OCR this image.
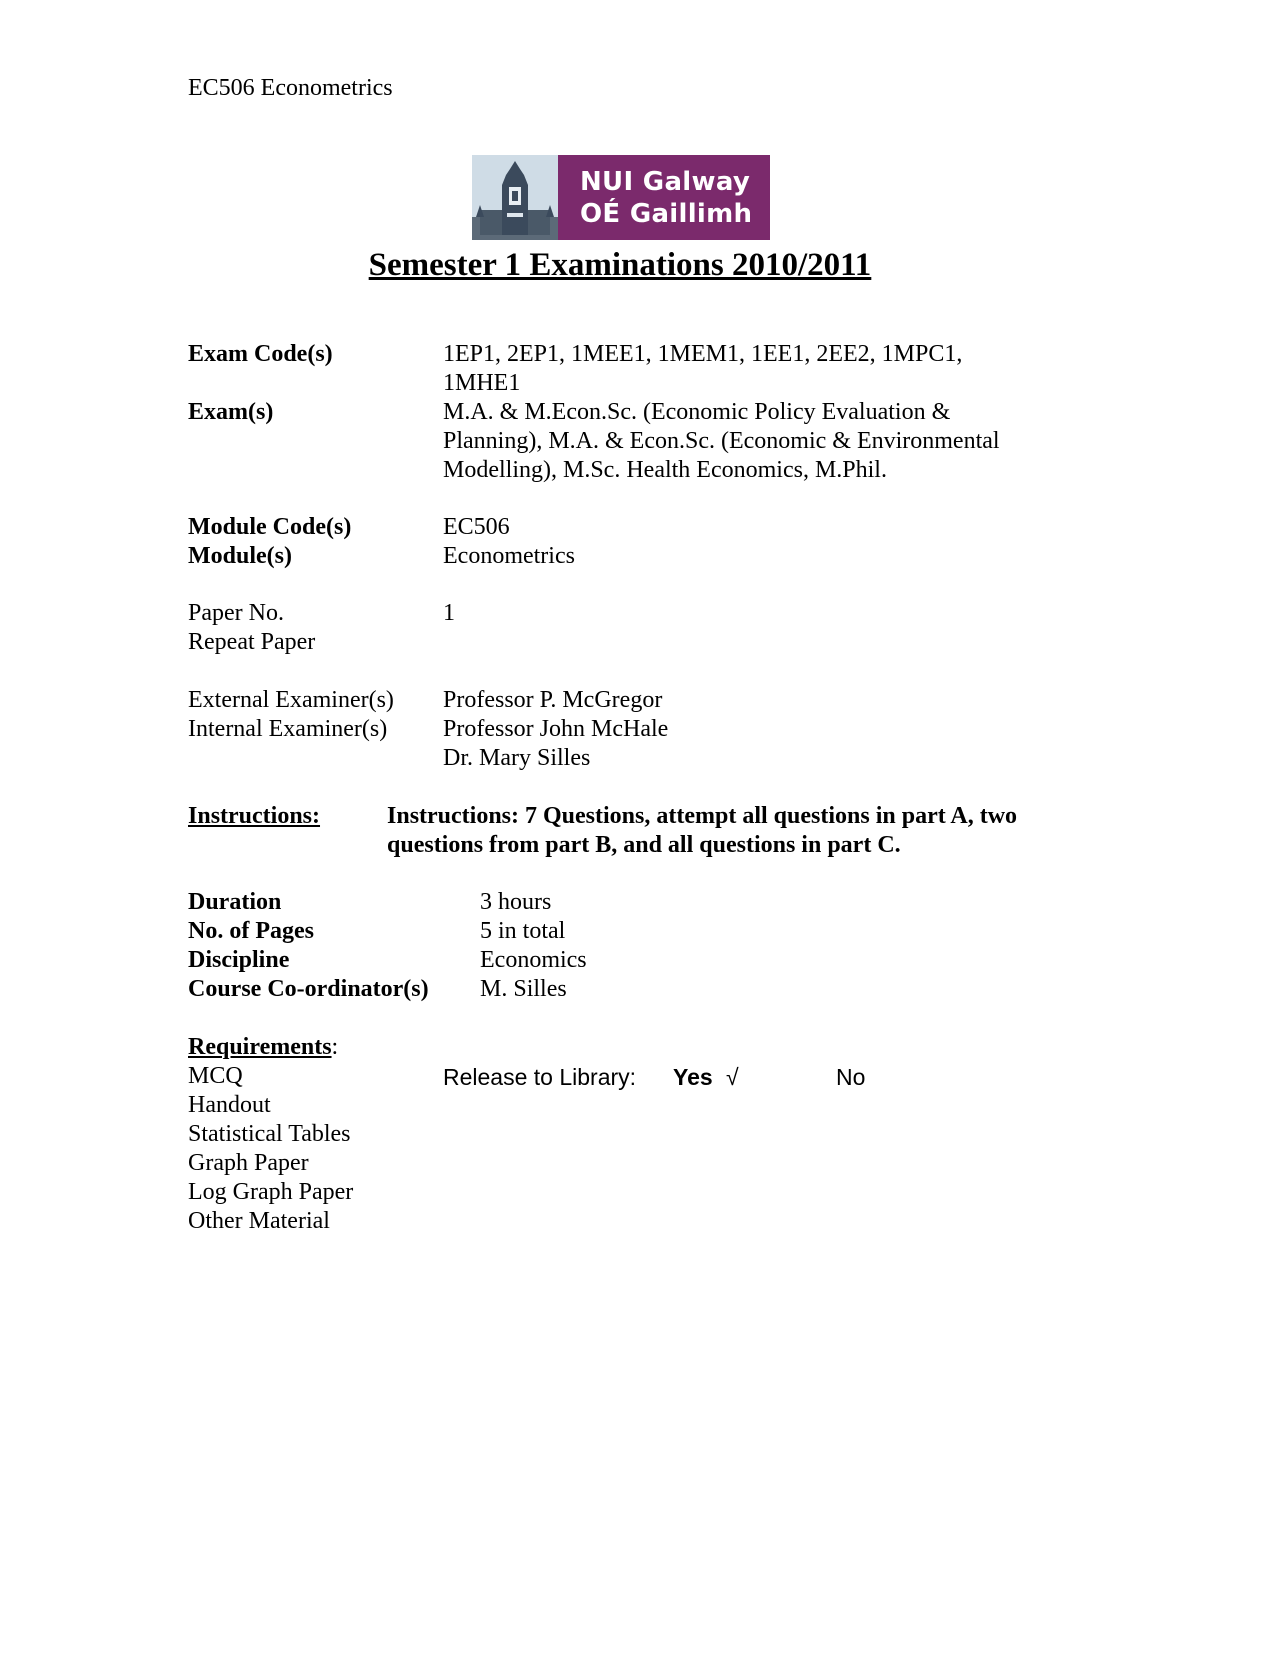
EC506 Econometrics
NUI Galway
OÉ Gaillimh
Semester 1 Examinations 2010/2011
Exam Code(s)	1EP1, 2EP1, 1MEE1, 1MEM1, 1EE1, 2EE2, 1MPC1,
1MHE1
Exam(s)	M.A. & M.Econ.Sc. (Economic Policy Evaluation &
Planning), M.A. & Econ.Sc. (Economic & Environmental
Modelling), M.Sc. Health Economics, M.Phil.
Module Code(s)	EC506
Module(s)	Econometrics
Paper No.	1
Repeat Paper
External Examiner(s) Professor P. McGregor
Internal Examiner(s) Professor John McHale
Dr. Mary Silles
Instructions:	Instructions: 7 Questions, attempt all questions in part A, two
questions from part B, and all questions in part C.
Duration	3 hours
No. of Pages	5 in total
Discipline	Economics
Course Co-ordinator(s) M. Silles
Requirements:
MCQ
Handout
Statistical Tables
Graph Paper
Log Graph Paper
Other Material
Release to Library: Yes √	No
